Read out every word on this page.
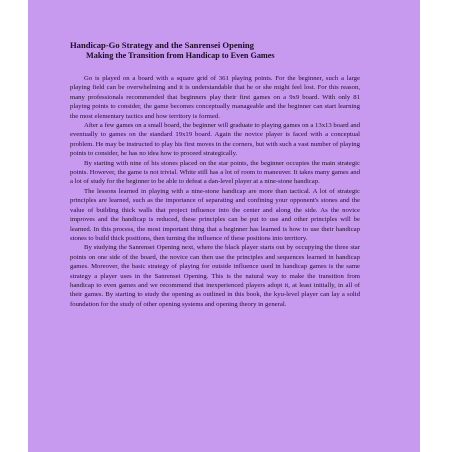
Handicap-Go Strategy and the Sanrensei Opening
Making the Transition from Handicap to Even Games

Go is played on a board with a square grid of 361 playing points. For the beginner, such a large playing field can be overwhelming and it is understandable that he or she might feel lost. For this reason, many professionals recommended that beginners play their first games on a 9x9 board. With only 81 playing points to consider, the game becomes conceptually manageable and the beginner can start learning the most elementary tactics and how territory is formed.

After a few games on a small board, the beginner will graduate to playing games on a 13x13 board and eventually to games on the standard 19x19 board. Again the novice player is faced with a conceptual problem. He may be instructed to play his first moves in the corners, but with such a vast number of playing points to consider, he has no idea how to proceed strategically.

By starting with nine of his stones placed on the star points, the beginner occupies the main strategic points. However, the game is not trivial. White still has a lot of room to maneuver. It takes many games and a lot of study for the beginner to be able to defeat a dan-level player at a nine-stone handicap.

The lessons learned in playing with a nine-stone handicap are more than tactical. A lot of strategic principles are learned, such as the importance of separating and confining your opponent's stones and the value of building thick walls that project influence into the center and along the side. As the novice improves and the handicap is reduced, these principles can be put to use and other principles will be learned. In this process, the most important thing that a beginner has learned is how to use their handicap stones to build thick positions, then turning the influence of these positions into territory.

By studying the Sanrensei Opening next, where the black player starts out by occupying the three star points on one side of the board, the novice can then use the principles and sequences learned in handicap games. Moreover, the basic strategy of playing for outside influence used in handicap games is the same strategy a player uses in the Sanrensei Opening. This is the natural way to make the transition from handicap to even games and we recommend that inexperienced players adopt it, at least initially, in all of their games. By starting to study the opening as outlined in this book, the kyu-level player can lay a solid foundation for the study of other opening systems and opening theory in general.
